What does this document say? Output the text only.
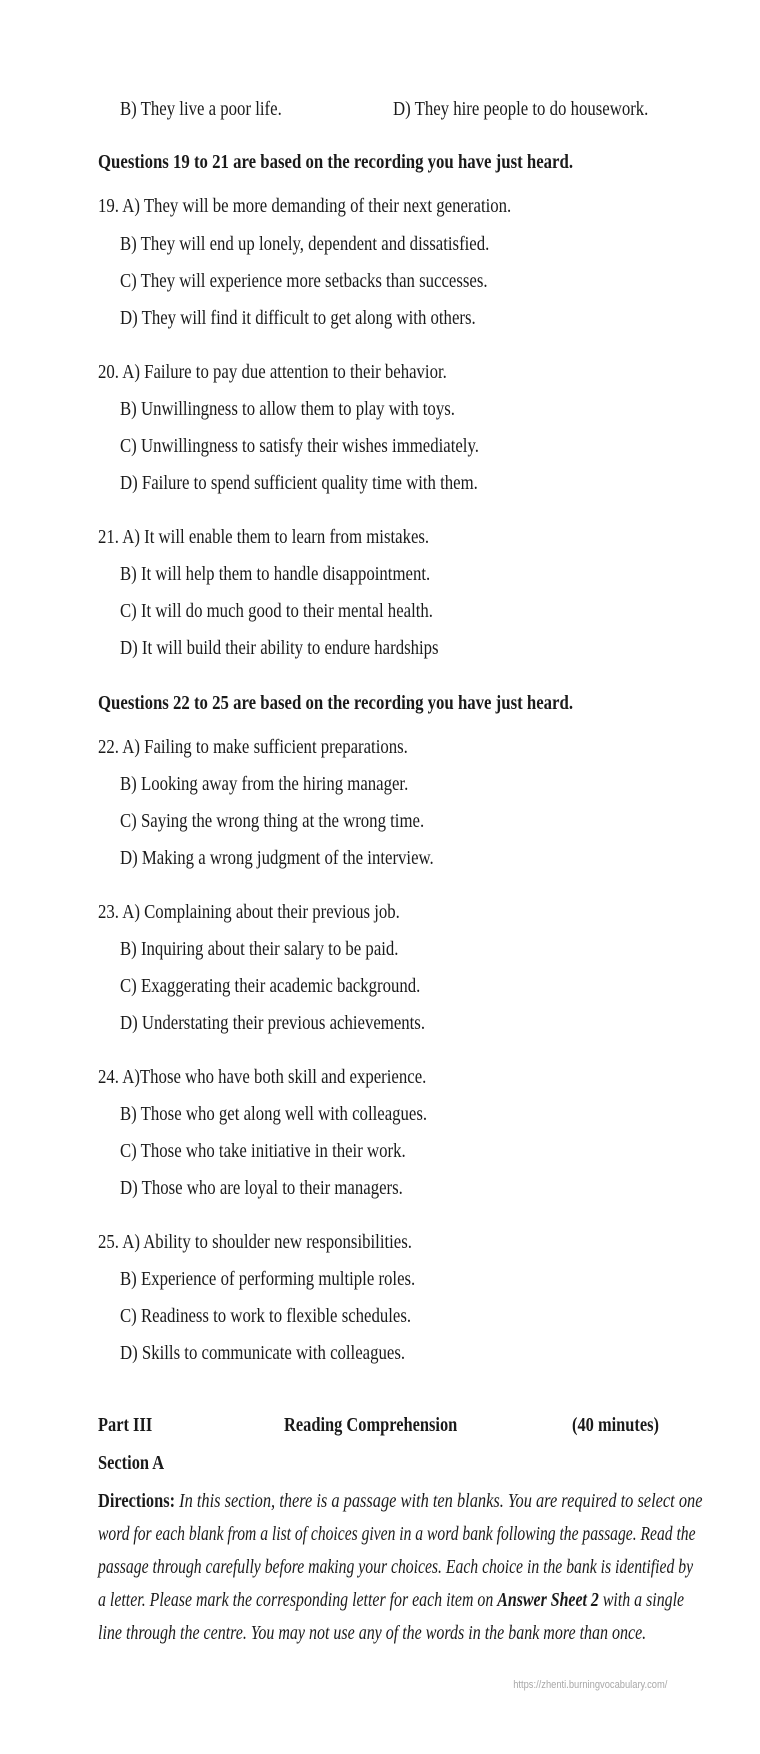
B) They live a poor life.	D) They hire people to do housework.
Questions 19 to 21 are based on the recording you have just heard.
19. A) They will be more demanding of their next generation.
B) They will end up lonely, dependent and dissatisfied.
C) They will experience more setbacks than successes.
D) They will find it difficult to get along with others.
20. A) Failure to pay due attention to their behavior.
B) Unwillingness to allow them to play with toys.
C) Unwillingness to satisfy their wishes immediately.
D) Failure to spend sufficient quality time with them.
21. A) It will enable them to learn from mistakes.
B) It will help them to handle disappointment.
C) It will do much good to their mental health.
D) It will build their ability to endure hardships
Questions 22 to 25 are based on the recording you have just heard.
22. A) Failing to make sufficient preparations.
B) Looking away from the hiring manager.
C) Saying the wrong thing at the wrong time.
D) Making a wrong judgment of the interview.
23. A) Complaining about their previous job.
B) Inquiring about their salary to be paid.
C) Exaggerating their academic background.
D) Understating their previous achievements.
24. A)Those who have both skill and experience.
B) Those who get along well with colleagues.
C) Those who take initiative in their work.
D) Those who are loyal to their managers.
25. A) Ability to shoulder new responsibilities.
B) Experience of performing multiple roles.
C) Readiness to work to flexible schedules.
D) Skills to communicate with colleagues.
Part III	Reading Comprehension	(40 minutes)
Section A
Directions: In this section, there is a passage with ten blanks. You are required to select one
word for each blank from a list of choices given in a word bank following the passage. Read the
passage through carefully before making your choices. Each choice in the bank is identified by
a letter. Please mark the corresponding letter for each item on Answer Sheet 2 with a single
line through the centre. You may not use any of the words in the bank more than once.
https://zhenti.burningvocabulary.com/
